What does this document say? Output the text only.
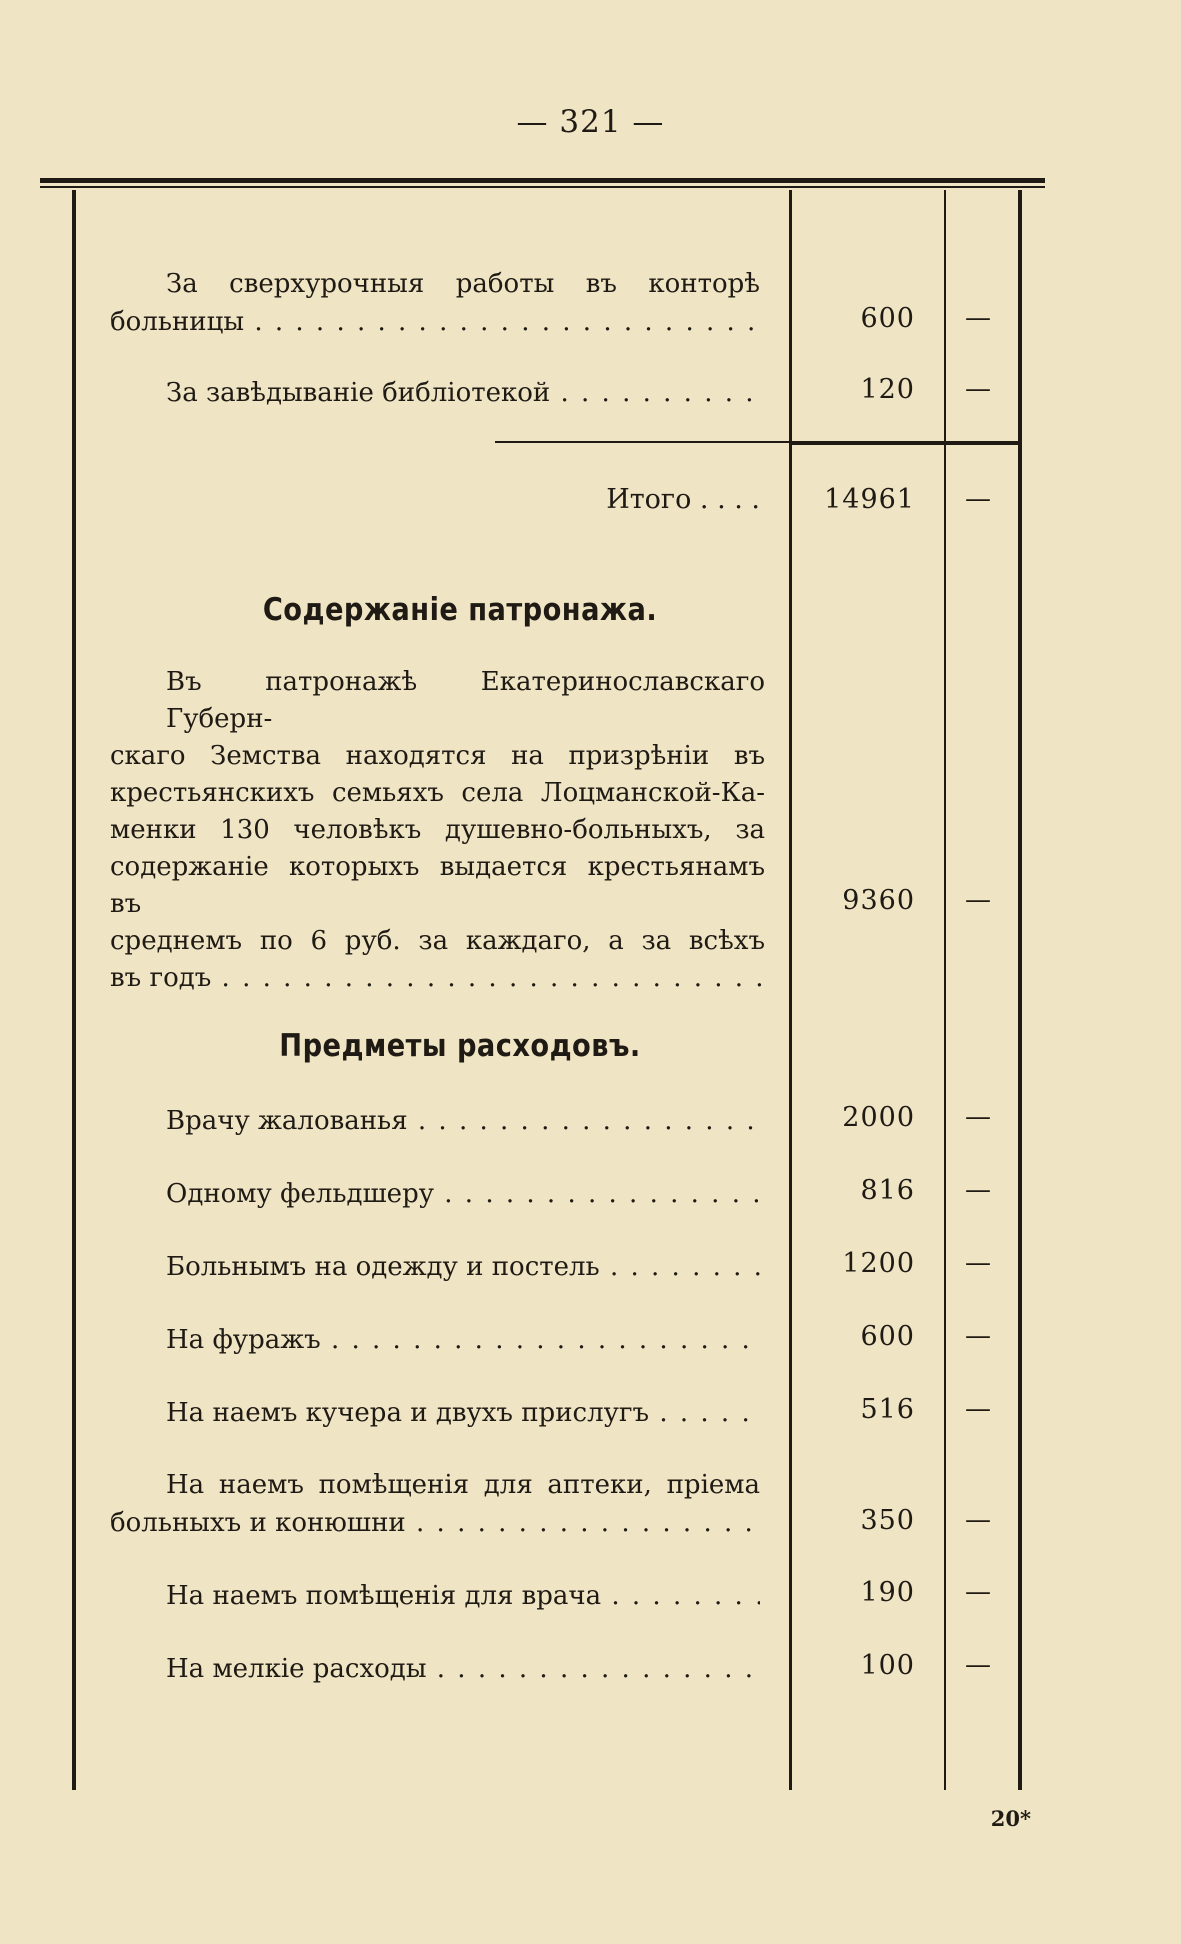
— 321 —
За сверхурочныя работы въ конторѣ
больницы . . .	600	—
За завѣдываніе библіотекой . . .	120	—
Итого . . . .	14961	—
Содержаніе патронажа.
Въ патронажѣ Екатеринославскаго Губерн-
скаго Земства находятся на призрѣніи въ
крестьянскихъ семьяхъ села Лоцманской-Ка-
менки 130 человѣкъ душевно-больныхъ, за
содержаніе которыхъ выдается крестьянамъ въ
среднемъ по 6 руб. за каждаго, а за всѣхъ
въ годъ . . .
9360	—
Предметы расходовъ.
Врачу жалованья . . .	2000	—
Одному фельдшеру . . .	816	—
Больнымъ на одежду и постель . . .	1200	—
На фуражъ . . .	600	—
На наемъ кучера и двухъ прислугъ . . .	516	—
На наемъ помѣщенія для аптеки, пріема
больныхъ и конюшни . . .	350	—
На наемъ помѣщенія для врача . . .	190	—
На мелкіе расходы . . .	100	—
20*
